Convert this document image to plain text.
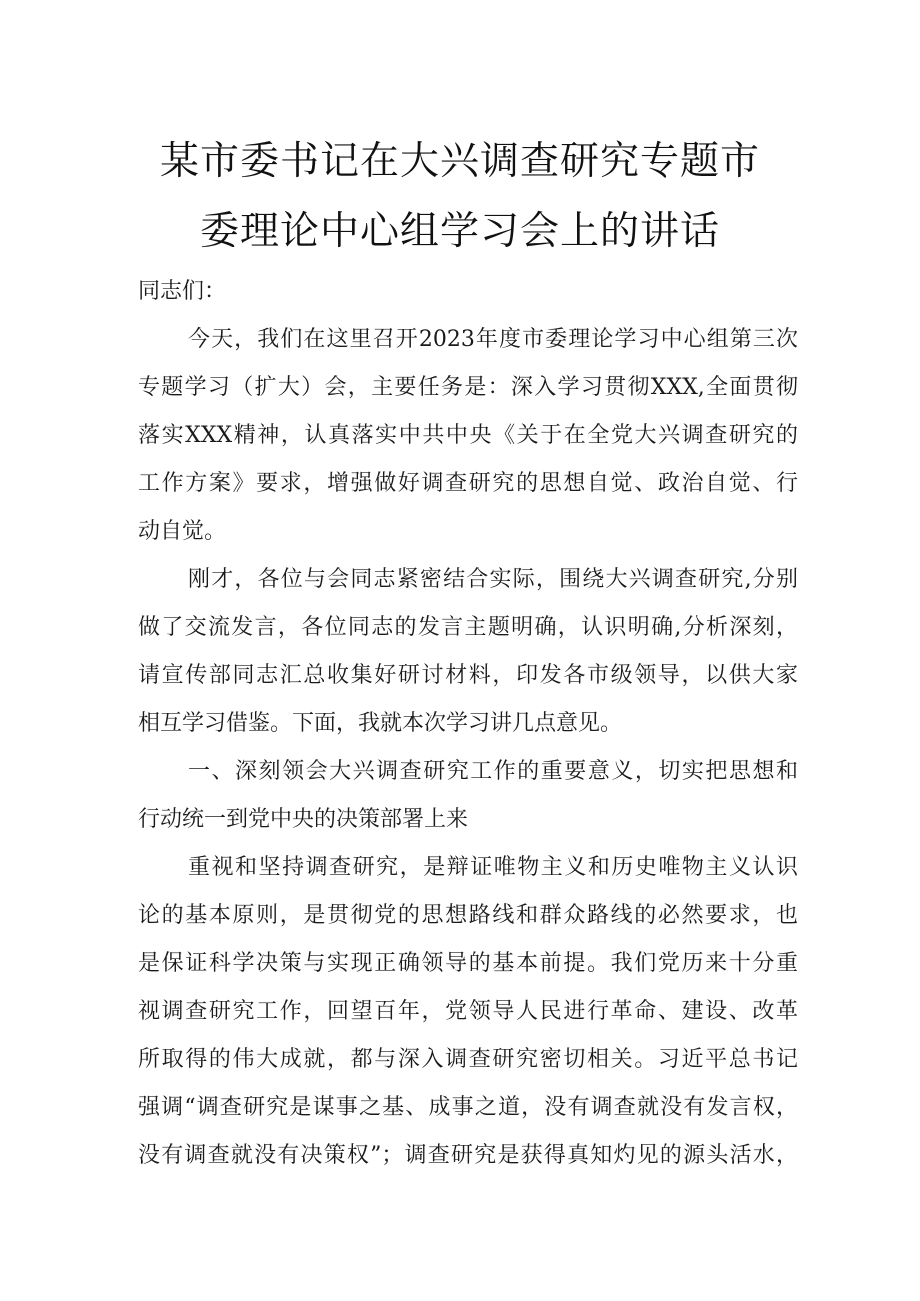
某市委书记在大兴调查研究专题市
委理论中心组学习会上的讲话
同志们：
今天，我们在这里召开2023年度市委理论学习中心组第三次
专题学习（扩大）会，主要任务是：深入学习贯彻XXX,全面贯彻
落实XXX精神，认真落实中共中央《关于在全党大兴调查研究的
工作方案》要求，增强做好调查研究的思想自觉、政治自觉、行
动自觉。
刚才，各位与会同志紧密结合实际，围绕大兴调查研究,分别
做了交流发言，各位同志的发言主题明确，认识明确,分析深刻，
请宣传部同志汇总收集好研讨材料，印发各市级领导，以供大家
相互学习借鉴。下面，我就本次学习讲几点意见。
一、深刻领会大兴调查研究工作的重要意义，切实把思想和
行动统一到党中央的决策部署上来
重视和坚持调查研究，是辩证唯物主义和历史唯物主义认识
论的基本原则，是贯彻党的思想路线和群众路线的必然要求，也
是保证科学决策与实现正确领导的基本前提。我们党历来十分重
视调查研究工作，回望百年，党领导人民进行革命、建设、改革
所取得的伟大成就，都与深入调查研究密切相关。习近平总书记
强调“调查研究是谋事之基、成事之道，没有调查就没有发言权，
没有调查就没有决策权”；调查研究是获得真知灼见的源头活水，
